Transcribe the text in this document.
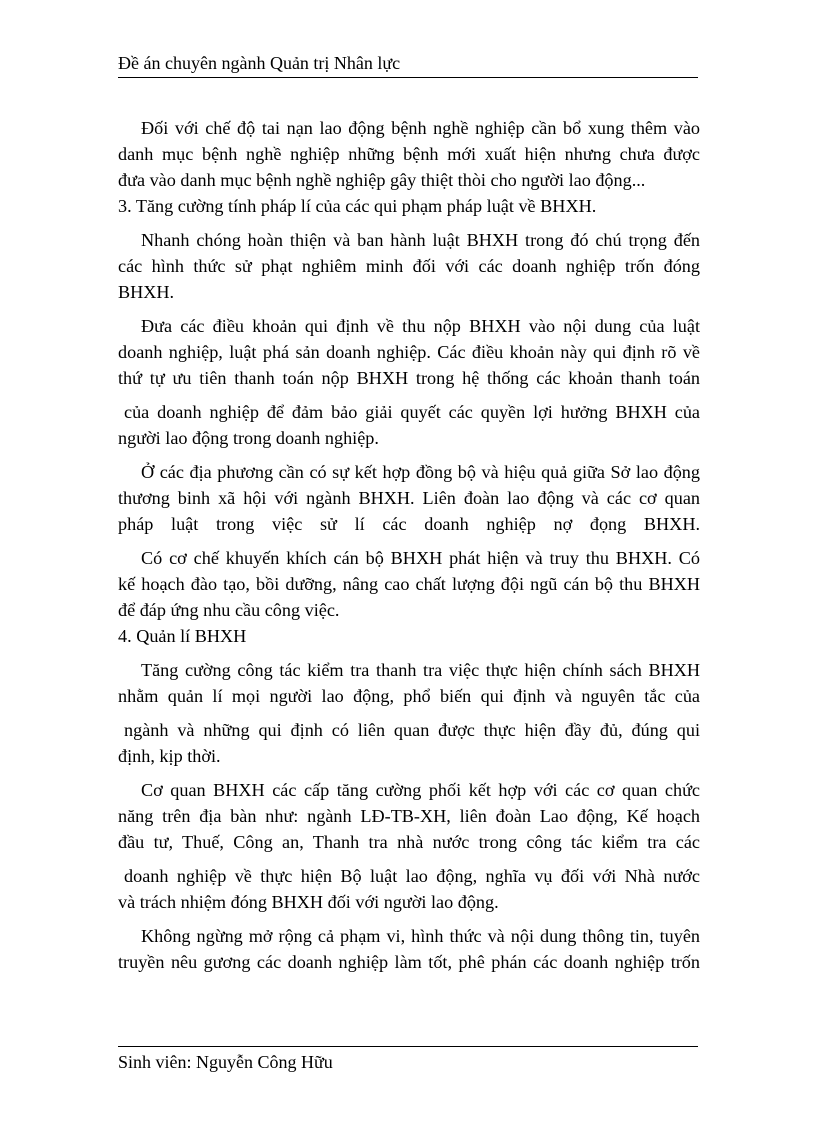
Đề án chuyên ngành Quản trị Nhân lực
Đối với chế độ tai nạn lao động bệnh nghề nghiệp cần bổ xung thêm vào
danh mục bệnh nghề nghiệp những bệnh mới xuất hiện nhưng chưa được
đưa vào danh mục bệnh nghề nghiệp gây thiệt thòi cho người lao động...
3. Tăng cường tính pháp lí của các qui phạm pháp luật về BHXH.
Nhanh chóng hoàn thiện và ban hành luật BHXH trong đó chú trọng đến
các hình thức sử phạt nghiêm minh đối với các doanh nghiệp trốn đóng
BHXH.
Đưa các điều khoản qui định về thu nộp BHXH vào nội dung của luật
doanh nghiệp, luật phá sản doanh nghiệp. Các điều khoản này qui định rõ về
thứ tự ưu tiên thanh toán nộp BHXH trong hệ thống các khoản thanh toán
của doanh nghiệp để đảm bảo giải quyết các quyền lợi hưởng BHXH của
người lao động trong doanh nghiệp.
Ở các địa phương cần có sự kết hợp đồng bộ và hiệu quả giữa Sở lao động
thương binh xã hội với ngành BHXH. Liên đoàn lao động và các cơ quan
pháp luật trong việc sử lí các doanh nghiệp nợ đọng BHXH.
Có cơ chế khuyến khích cán bộ BHXH phát hiện và truy thu BHXH. Có
kế hoạch đào tạo, bồi dưỡng, nâng cao chất lượng đội ngũ cán bộ thu BHXH
để đáp ứng nhu cầu công việc.
4. Quản lí BHXH
Tăng cường công tác kiểm tra thanh tra việc thực hiện chính sách BHXH
nhằm quản lí mọi người lao động, phổ biến qui định và nguyên tắc của
ngành và những qui định có liên quan được thực hiện đầy đủ, đúng qui
định, kịp thời.
Cơ quan BHXH các cấp tăng cường phối kết hợp với các cơ quan chức
năng trên địa bàn như: ngành LĐ-TB-XH, liên đoàn Lao động, Kế hoạch
đầu tư, Thuế, Công an, Thanh tra nhà nước trong công tác kiểm tra các
doanh nghiệp về thực hiện Bộ luật lao động, nghĩa vụ đối với Nhà nước
và trách nhiệm đóng BHXH đối với người lao động.
Không ngừng mở rộng cả phạm vi, hình thức và nội dung thông tin, tuyên
truyền nêu gương các doanh nghiệp làm tốt, phê phán các doanh nghiệp trốn
Sinh viên: Nguyễn Công Hữu
